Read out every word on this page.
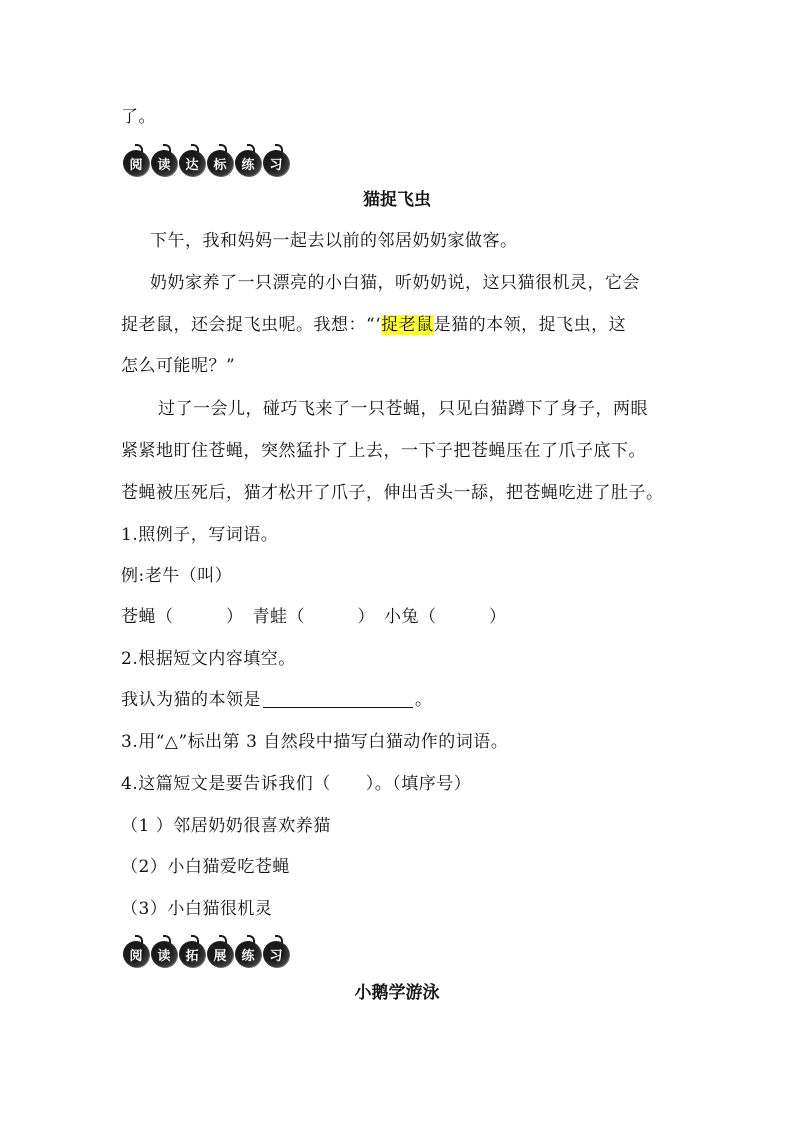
了。
阅 读 达 标 练 习
猫捉飞虫
下午，我和妈妈一起去以前的邻居奶奶家做客。
奶奶家养了一只漂亮的小白猫，听奶奶说，这只猫很机灵，它会
捉老鼠，还会捉飞虫呢。我想：“‘捉老鼠是猫的本领，捉飞虫，这
怎么可能呢？”
过了一会儿，碰巧飞来了一只苍蝇，只见白猫蹲下了身子，两眼
紧紧地盯住苍蝇，突然猛扑了上去，一下子把苍蝇压在了爪子底下。
苍蝇被压死后，猫才松开了爪子，伸出舌头一舔，把苍蝇吃进了肚子。
1.照例子，写词语。
例:老牛（叫）
苍蝇（　　　）　青蛙（　　　）　小兔（　　　）
2.根据短文内容填空。
我认为猫的本领是	。
3.用“△”标出第 3 自然段中描写白猫动作的词语。
4.这篇短文是要告诉我们（　　）。（填序号）
（1 ）邻居奶奶很喜欢养猫
（2）小白猫爱吃苍蝇
（3）小白猫很机灵
阅 读 拓 展 练 习
小鹅学游泳
